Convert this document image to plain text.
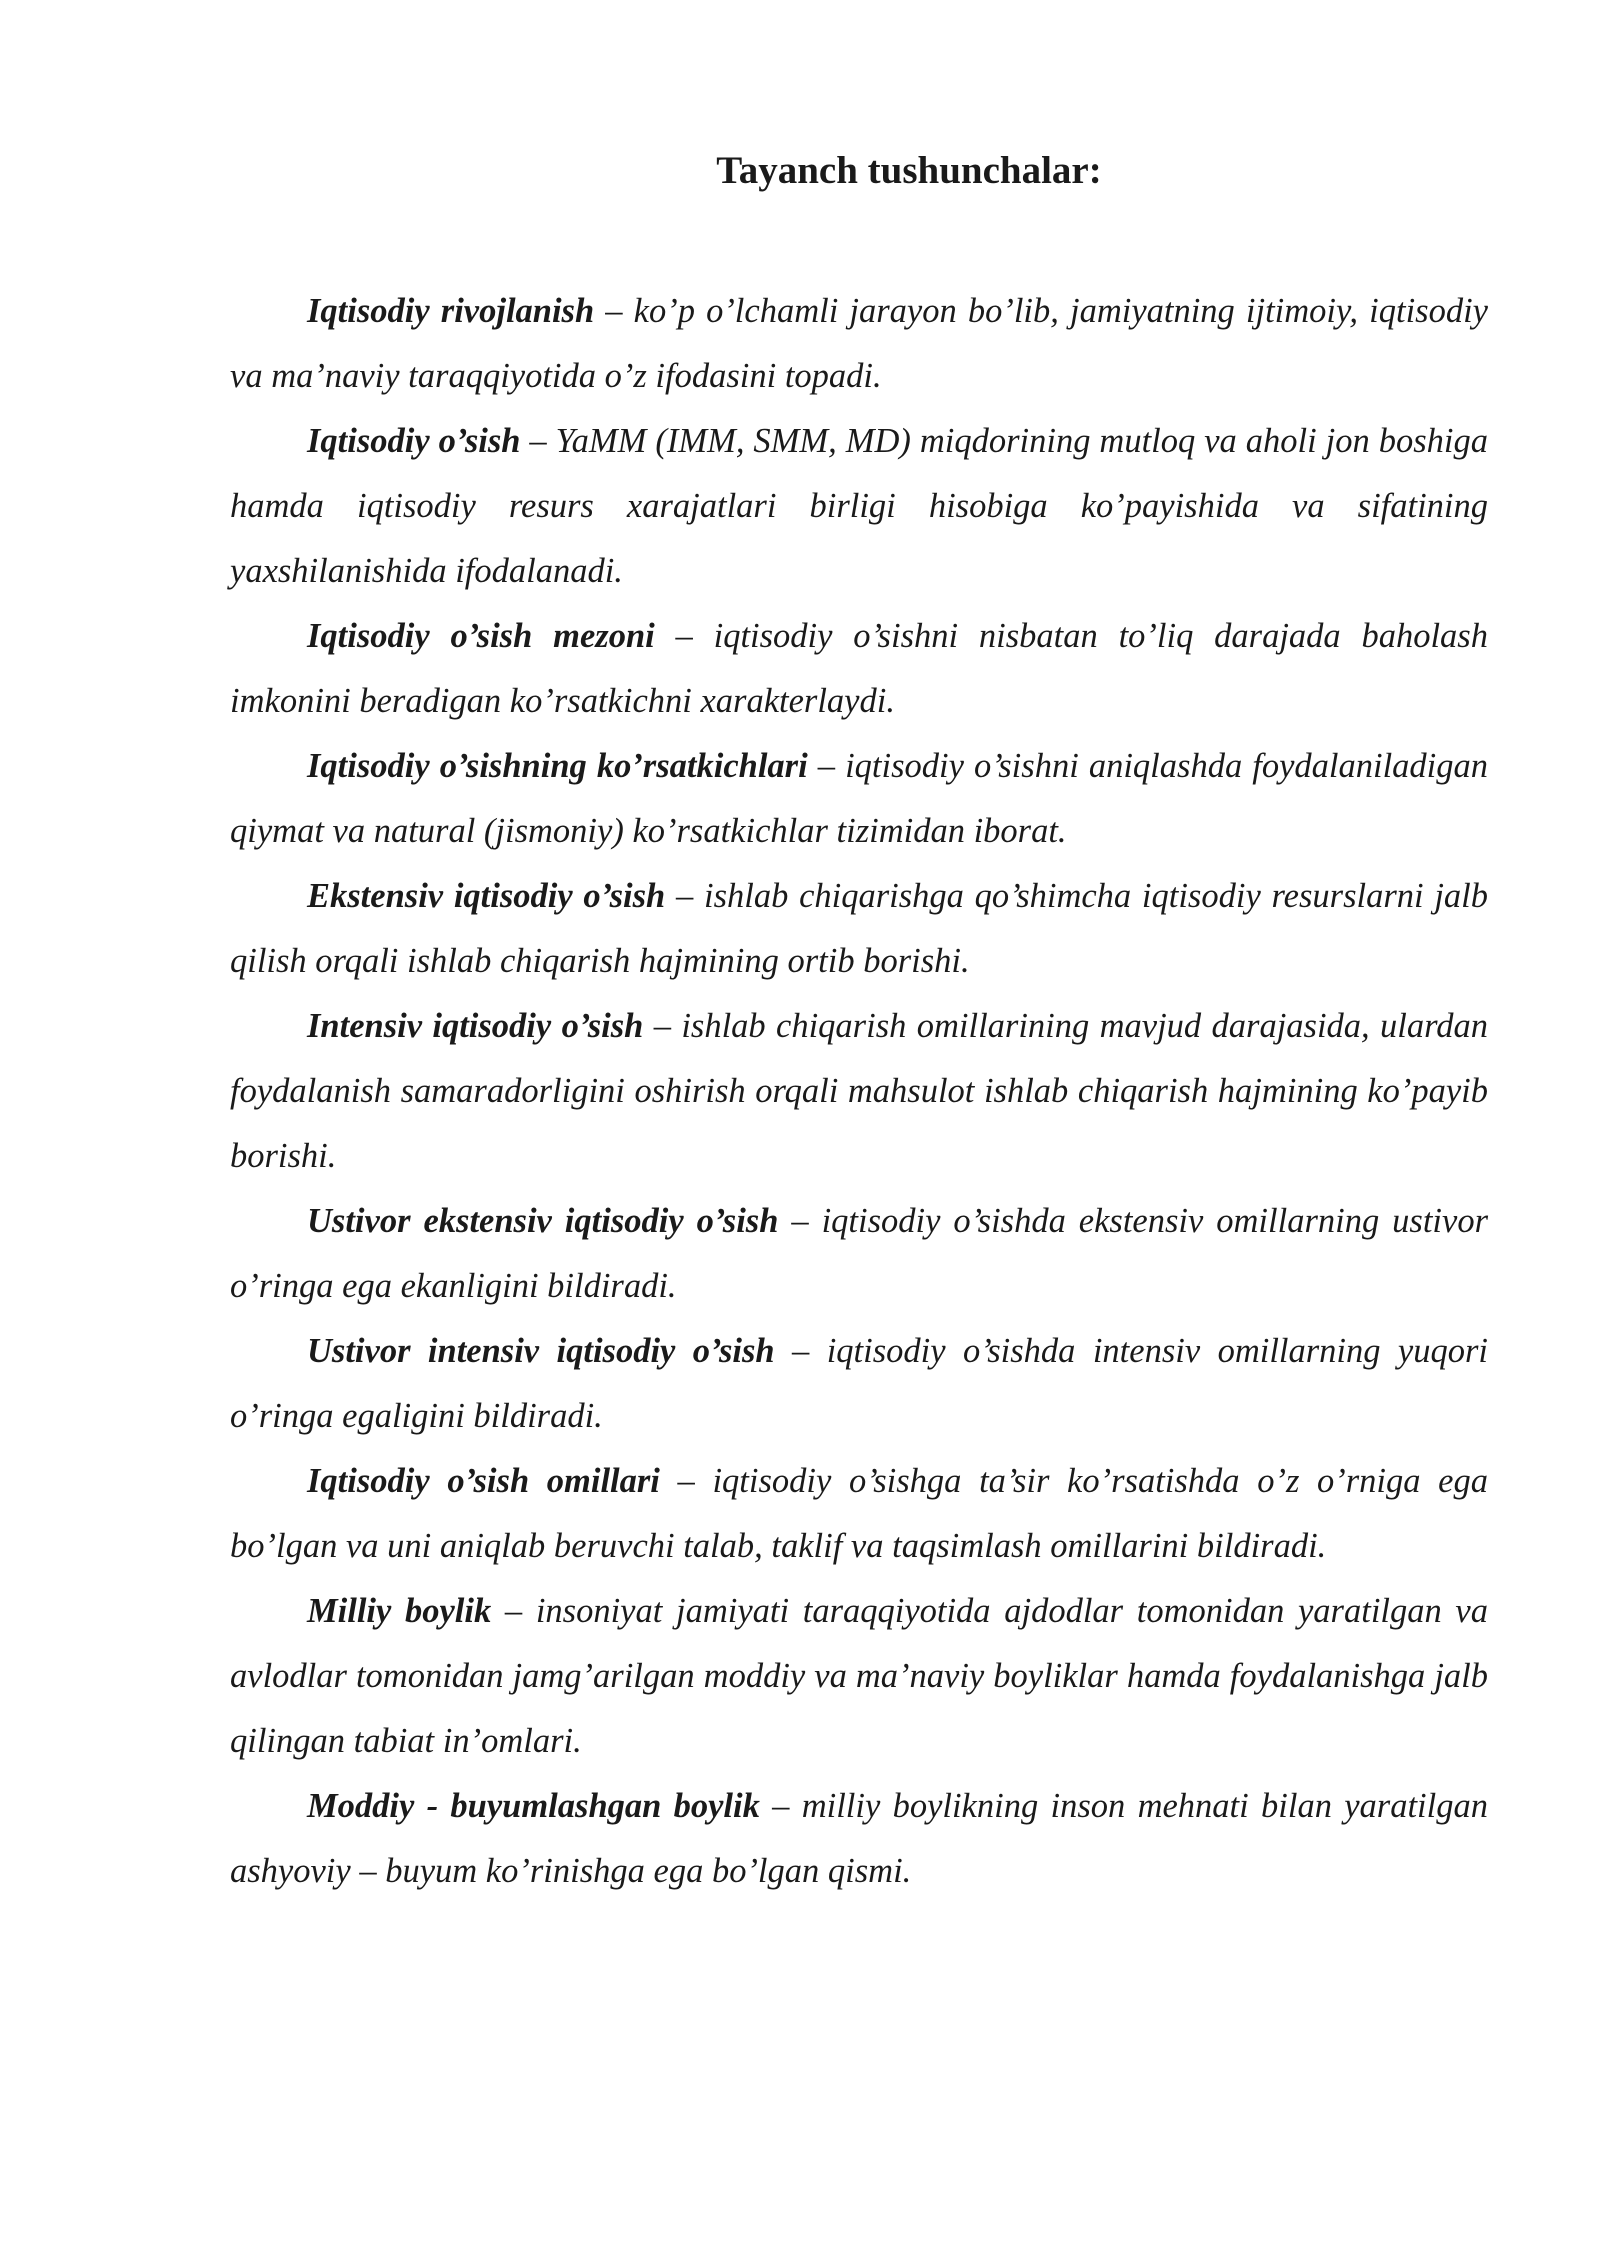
Tayanch tushunchalar:

Iqtisodiy rivojlanish – ko’p o’lchamli jarayon bo’lib, jamiyatning ijtimoiy, iqtisodiy va ma’naviy taraqqiyotida o’z ifodasini topadi.

Iqtisodiy o’sish – YaMM (IMM, SMM, MD) miqdorining mutloq va aholi jon boshiga hamda iqtisodiy resurs xarajatlari birligi hisobiga ko’payishida va sifatining yaxshilanishida ifodalanadi.

Iqtisodiy o’sish mezoni – iqtisodiy o’sishni nisbatan to’liq darajada baholash imkonini beradigan ko’rsatkichni xarakterlaydi.

Iqtisodiy o’sishning ko’rsatkichlari – iqtisodiy o’sishni aniqlashda foydalaniladigan qiymat va natural (jismoniy) ko’rsatkichlar tizimidan iborat.

Ekstensiv iqtisodiy o’sish – ishlab chiqarishga qo’shimcha iqtisodiy resurslarni jalb qilish orqali ishlab chiqarish hajmining ortib borishi.

Intensiv iqtisodiy o’sish – ishlab chiqarish omillarining mavjud darajasida, ulardan foydalanish samaradorligini oshirish orqali mahsulot ishlab chiqarish hajmining ko’payib borishi.

Ustivor ekstensiv iqtisodiy o’sish – iqtisodiy o’sishda ekstensiv omillarning ustivor o’ringa ega ekanligini bildiradi.

Ustivor intensiv iqtisodiy o’sish – iqtisodiy o’sishda intensiv omillarning yuqori o’ringa egaligini bildiradi.

Iqtisodiy o’sish omillari – iqtisodiy o’sishga ta’sir ko’rsatishda o’z o’rniga ega bo’lgan va uni aniqlab beruvchi talab, taklif va taqsimlash omillarini bildiradi.

Milliy boylik – insoniyat jamiyati taraqqiyotida ajdodlar tomonidan yaratilgan va avlodlar tomonidan jamg’arilgan moddiy va ma’naviy boyliklar hamda foydalanishga jalb qilingan tabiat in’omlari.

Moddiy - buyumlashgan boylik – milliy boylikning inson mehnati bilan yaratilgan ashyoviy – buyum ko’rinishga ega bo’lgan qismi.
